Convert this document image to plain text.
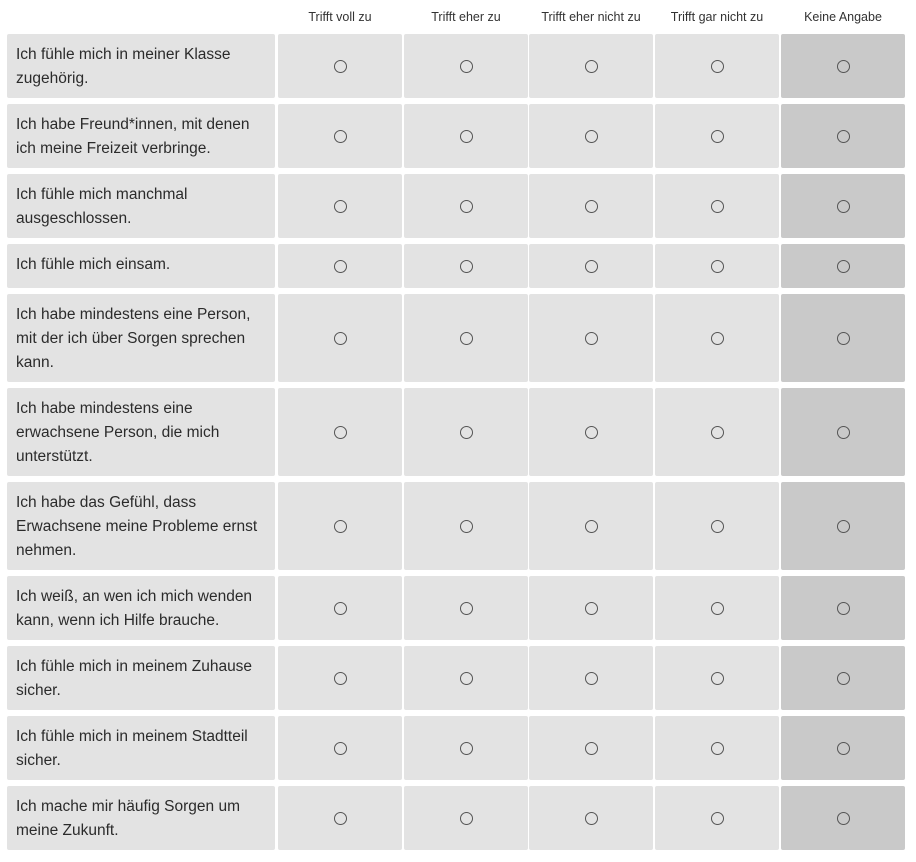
Trifft voll zu	Trifft eher zu	Trifft eher nicht zu	Trifft gar nicht zu	Keine Angabe
Ich fühle mich in meiner Klasse zugehörig.
Ich habe Freund*innen, mit denen ich meine Freizeit verbringe.
Ich fühle mich manchmal ausgeschlossen.
Ich fühle mich einsam.
Ich habe mindestens eine Person, mit der ich über Sorgen sprechen kann.
Ich habe mindestens eine erwachsene Person, die mich unterstützt.
Ich habe das Gefühl, dass Erwachsene meine Probleme ernst nehmen.
Ich weiß, an wen ich mich wenden kann, wenn ich Hilfe brauche.
Ich fühle mich in meinem Zuhause sicher.
Ich fühle mich in meinem Stadtteil sicher.
Ich mache mir häufig Sorgen um meine Zukunft.
